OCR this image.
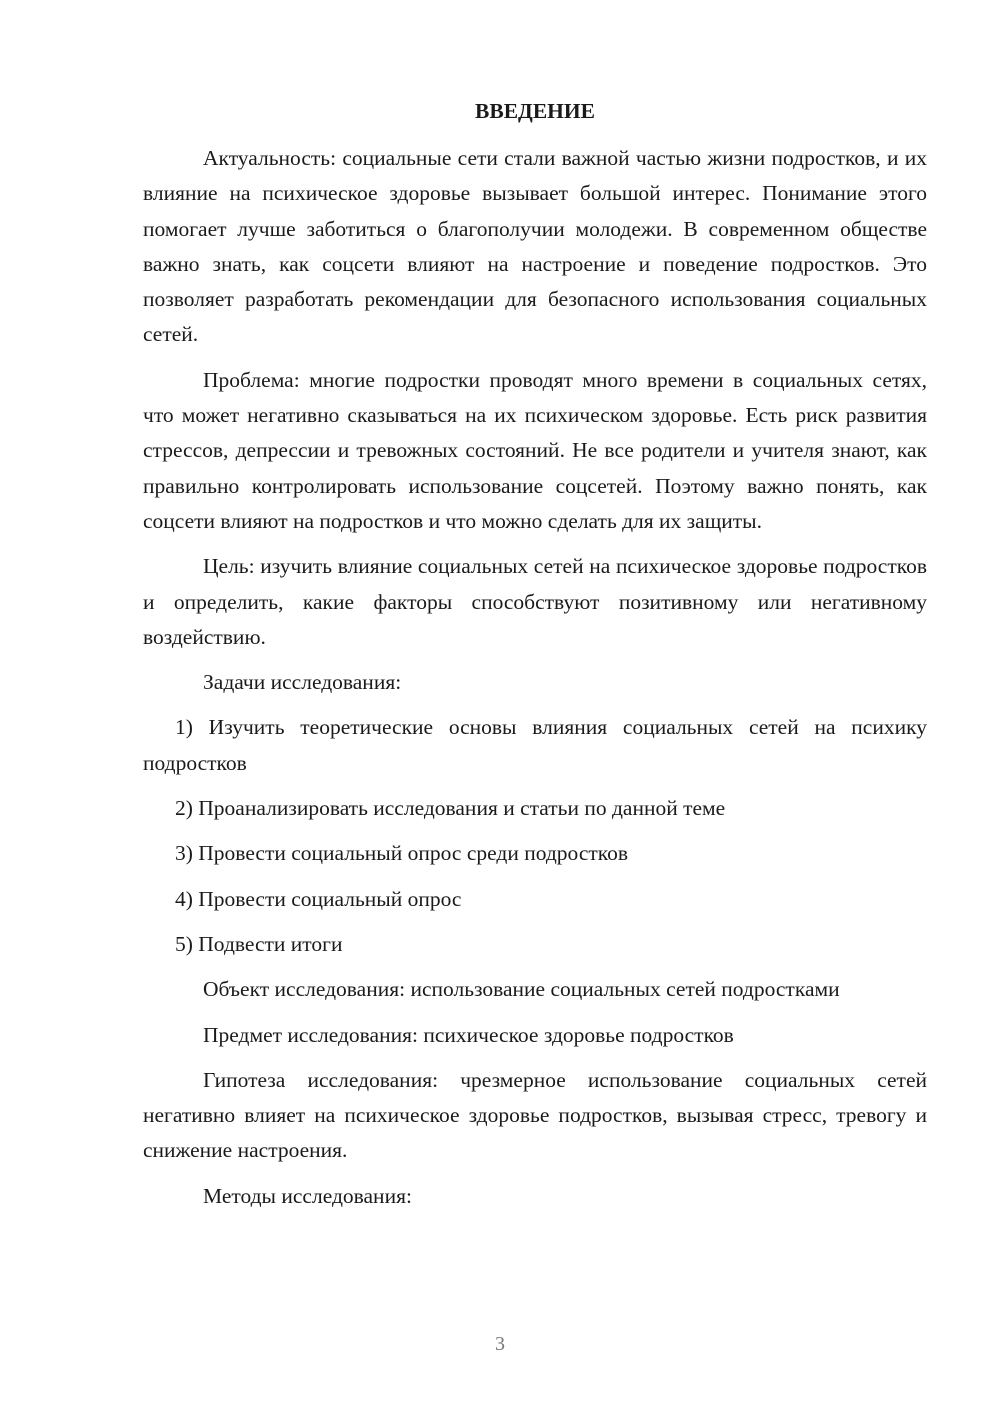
ВВЕДЕНИЕ

Актуальность: социальные сети стали важной частью жизни подростков, и их влияние на психическое здоровье вызывает большой интерес. Понимание этого помогает лучше заботиться о благополучии молодежи. В современном обществе важно знать, как соцсети влияют на настроение и поведение подростков. Это позволяет разработать рекомендации для безопасного использования социальных сетей.

Проблема: многие подростки проводят много времени в социальных сетях, что может негативно сказываться на их психическом здоровье. Есть риск развития стрессов, депрессии и тревожных состояний. Не все родители и учителя знают, как правильно контролировать использование соцсетей. Поэтому важно понять, как соцсети влияют на подростков и что можно сделать для их защиты.

Цель: изучить влияние социальных сетей на психическое здоровье подростков и определить, какие факторы способствуют позитивному или негативному воздействию.

Задачи исследования:

1) Изучить теоретические основы влияния социальных сетей на психику подростков

2) Проанализировать исследования и статьи по данной теме

3) Провести социальный опрос среди подростков

4) Провести социальный опрос

5) Подвести итоги

Объект исследования: использование социальных сетей подростками

Предмет исследования: психическое здоровье подростков

Гипотеза исследования: чрезмерное использование социальных сетей негативно влияет на психическое здоровье подростков, вызывая стресс, тревогу и снижение настроения.

Методы исследования:

3
